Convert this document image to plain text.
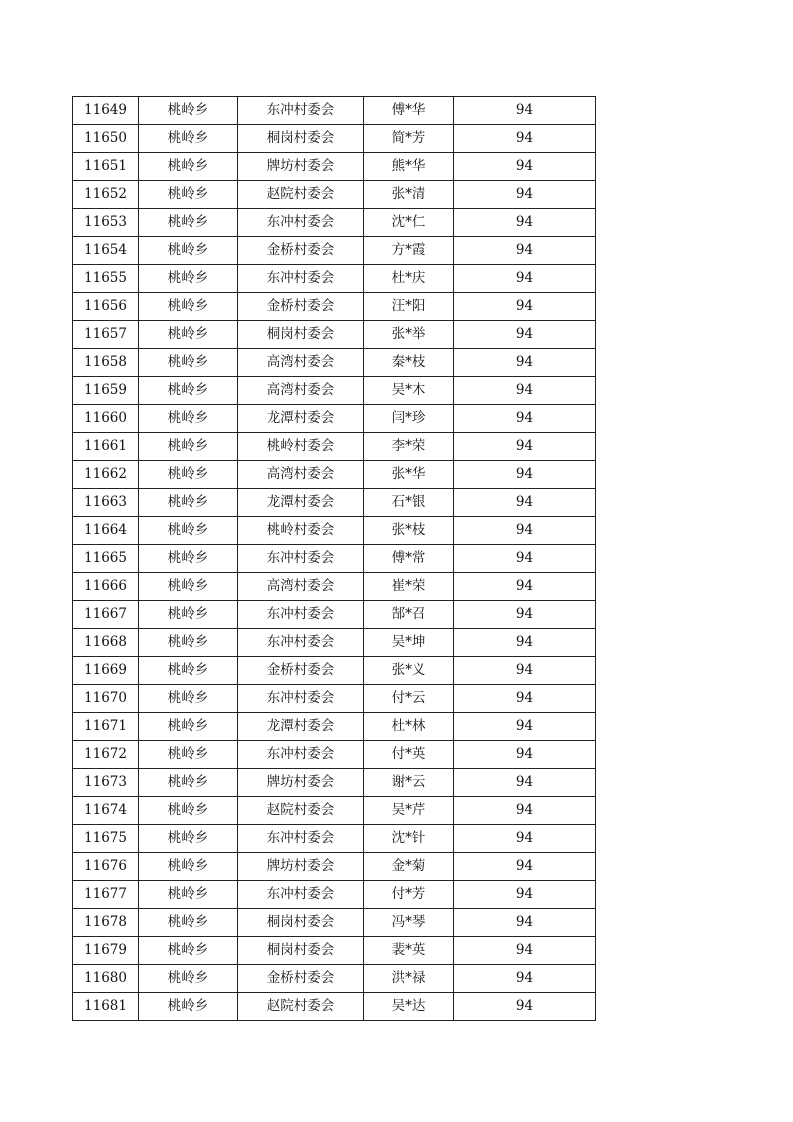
11649	桃岭乡	东冲村委会	傅*华	94
11650	桃岭乡	桐岗村委会	简*芳	94
11651	桃岭乡	牌坊村委会	熊*华	94
11652	桃岭乡	赵院村委会	张*清	94
11653	桃岭乡	东冲村委会	沈*仁	94
11654	桃岭乡	金桥村委会	方*霞	94
11655	桃岭乡	东冲村委会	杜*庆	94
11656	桃岭乡	金桥村委会	汪*阳	94
11657	桃岭乡	桐岗村委会	张*举	94
11658	桃岭乡	高湾村委会	秦*枝	94
11659	桃岭乡	高湾村委会	吴*木	94
11660	桃岭乡	龙潭村委会	闫*珍	94
11661	桃岭乡	桃岭村委会	李*荣	94
11662	桃岭乡	高湾村委会	张*华	94
11663	桃岭乡	龙潭村委会	石*银	94
11664	桃岭乡	桃岭村委会	张*枝	94
11665	桃岭乡	东冲村委会	傅*常	94
11666	桃岭乡	高湾村委会	崔*荣	94
11667	桃岭乡	东冲村委会	郜*召	94
11668	桃岭乡	东冲村委会	吴*坤	94
11669	桃岭乡	金桥村委会	张*义	94
11670	桃岭乡	东冲村委会	付*云	94
11671	桃岭乡	龙潭村委会	杜*林	94
11672	桃岭乡	东冲村委会	付*英	94
11673	桃岭乡	牌坊村委会	谢*云	94
11674	桃岭乡	赵院村委会	吴*芹	94
11675	桃岭乡	东冲村委会	沈*针	94
11676	桃岭乡	牌坊村委会	金*菊	94
11677	桃岭乡	东冲村委会	付*芳	94
11678	桃岭乡	桐岗村委会	冯*琴	94
11679	桃岭乡	桐岗村委会	裴*英	94
11680	桃岭乡	金桥村委会	洪*禄	94
11681	桃岭乡	赵院村委会	吴*达	94
